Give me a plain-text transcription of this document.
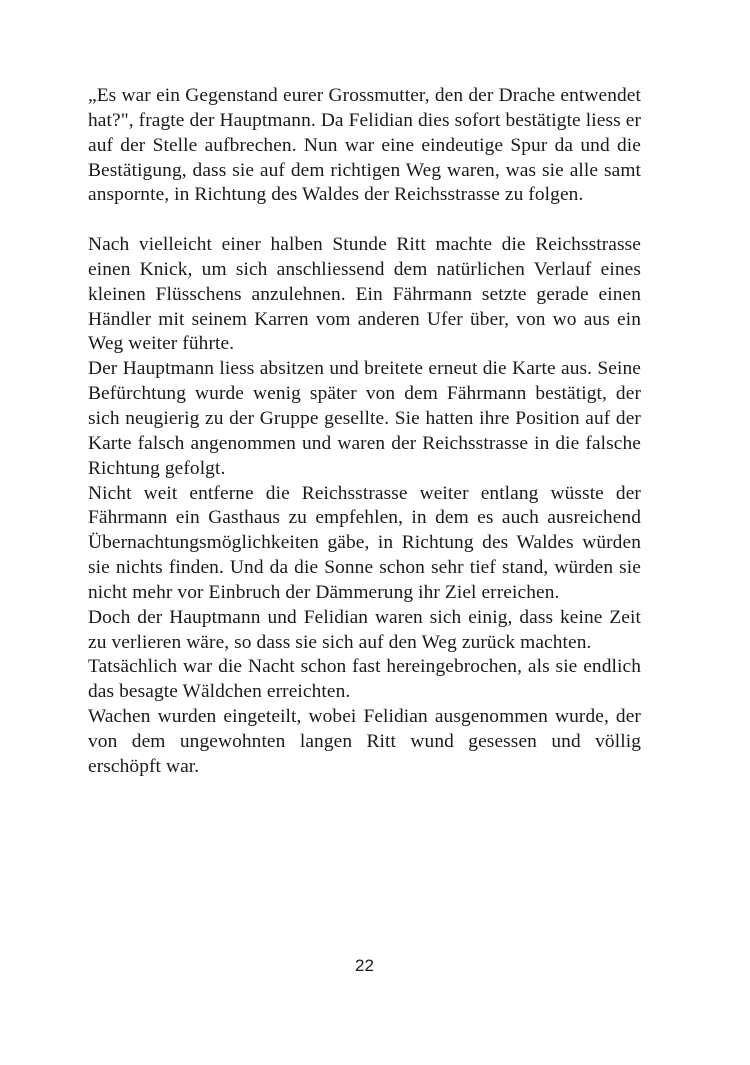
„Es war ein Gegenstand eurer Grossmutter, den der Drache entwendet hat?", fragte der Hauptmann. Da Felidian dies sofort bestätigte liess er auf der Stelle aufbrechen. Nun war eine eindeutige Spur da und die Bestätigung, dass sie auf dem richtigen Weg waren, was sie alle samt anspornte, in Richtung des Waldes der Reichsstrasse zu folgen.

Nach vielleicht einer halben Stunde Ritt machte die Reichsstrasse einen Knick, um sich anschliessend dem natürlichen Verlauf eines kleinen Flüsschens anzulehnen. Ein Fährmann setzte gerade einen Händler mit seinem Karren vom anderen Ufer über, von wo aus ein Weg weiter führte.

Der Hauptmann liess absitzen und breitete erneut die Karte aus. Seine Befürchtung wurde wenig später von dem Fährmann bestätigt, der sich neugierig zu der Gruppe gesellte. Sie hatten ihre Position auf der Karte falsch angenommen und waren der Reichsstrasse in die falsche Richtung gefolgt.

Nicht weit entferne die Reichsstrasse weiter entlang wüsste der Fährmann ein Gasthaus zu empfehlen, in dem es auch ausreichend Übernachtungsmöglichkeiten gäbe, in Richtung des Waldes würden sie nichts finden. Und da die Sonne schon sehr tief stand, würden sie nicht mehr vor Einbruch der Dämmerung ihr Ziel erreichen.

Doch der Hauptmann und Felidian waren sich einig, dass keine Zeit zu verlieren wäre, so dass sie sich auf den Weg zurück machten.

Tatsächlich war die Nacht schon fast hereingebrochen, als sie endlich das besagte Wäldchen erreichten.

Wachen wurden eingeteilt, wobei Felidian ausgenommen wurde, der von dem ungewohnten langen Ritt wund gesessen und völlig erschöpft war.

22
